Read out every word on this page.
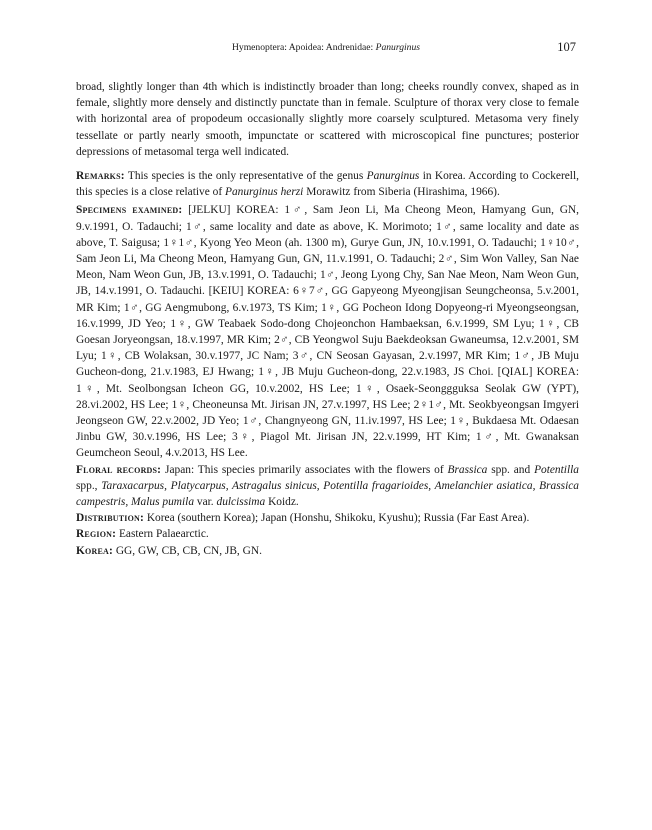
Hymenoptera: Apoidea: Andrenidae: Panurginus	107

broad, slightly longer than 4th which is indistinctly broader than long; cheeks roundly convex, shaped as in female, slightly more densely and distinctly punctate than in female. Sculpture of thorax very close to female with horizontal area of propodeum occasionally slightly more coarsely sculptured. Metasoma very finely tessellate or partly nearly smooth, impunctate or scattered with microscopical fine punctures; posterior depressions of metasomal terga well indicated.

Remarks: This species is the only representative of the genus Panurginus in Korea. According to Cockerell, this species is a close relative of Panurginus herzi Morawitz from Siberia (Hirashima, 1966).

Specimens examined: [JELKU] KOREA: 1♂, Sam Jeon Li, Ma Cheong Meon, Hamyang Gun, GN, 9.v.1991, O. Tadauchi; 1♂, same locality and date as above, K. Morimoto; 1♂, same locality and date as above, T. Saigusa; 1♀1♂, Kyong Yeo Meon (ah. 1300 m), Gurye Gun, JN, 10.v.1991, O. Tadauchi; 1♀10♂, Sam Jeon Li, Ma Cheong Meon, Hamyang Gun, GN, 11.v.1991, O. Tadauchi; 2♂, Sim Won Valley, San Nae Meon, Nam Weon Gun, JB, 13.v.1991, O. Tadauchi; 1♂, Jeong Lyong Chy, San Nae Meon, Nam Weon Gun, JB, 14.v.1991, O. Tadauchi. [KEIU] KOREA: 6♀7♂, GG Gapyeong Myeongjisan Seungcheonsa, 5.v.2001, MR Kim; 1♂, GG Aengmubong, 6.v.1973, TS Kim; 1♀, GG Pocheon Idong Dopyeong-ri Myeongseongsan, 16.v.1999, JD Yeo; 1♀, GW Teabaek Sodo-dong Chojeonchon Hambaeksan, 6.v.1999, SM Lyu; 1♀, CB Goesan Joryeongsan, 18.v.1997, MR Kim; 2♂, CB Yeongwol Suju Baekdeoksan Gwaneumsa, 12.v.2001, SM Lyu; 1♀, CB Wolaksan, 30.v.1977, JC Nam; 3♂, CN Seosan Gayasan, 2.v.1997, MR Kim; 1♂, JB Muju Gucheon-dong, 21.v.1983, EJ Hwang; 1♀, JB Muju Gucheon-dong, 22.v.1983, JS Choi. [QIAL] KOREA: 1♀, Mt. Seolbongsan Icheon GG, 10.v.2002, HS Lee; 1♀, Osaek-Seonggguksa Seolak GW (YPT), 28.vi.2002, HS Lee; 1♀, Cheoneunsa Mt. Jirisan JN, 27.v.1997, HS Lee; 2♀1♂, Mt. Seokbyeongsan Imgyeri Jeongseon GW, 22.v.2002, JD Yeo; 1♂, Changnyeong GN, 11.iv.1997, HS Lee; 1♀, Bukdaesa Mt. Odaesan Jinbu GW, 30.v.1996, HS Lee; 3♀, Piagol Mt. Jirisan JN, 22.v.1999, HT Kim; 1♂, Mt. Gwanaksan Geumcheon Seoul, 4.v.2013, HS Lee.

Floral records: Japan: This species primarily associates with the flowers of Brassica spp. and Potentilla spp., Taraxacarpus, Platycarpus, Astragalus sinicus, Potentilla fragarioides, Amelanchier asiatica, Brassica campestris, Malus pumila var. dulcissima Koidz.

Distribution: Korea (southern Korea); Japan (Honshu, Shikoku, Kyushu); Russia (Far East Area).

Region: Eastern Palaearctic.

Korea: GG, GW, CB, CB, CN, JB, GN.
